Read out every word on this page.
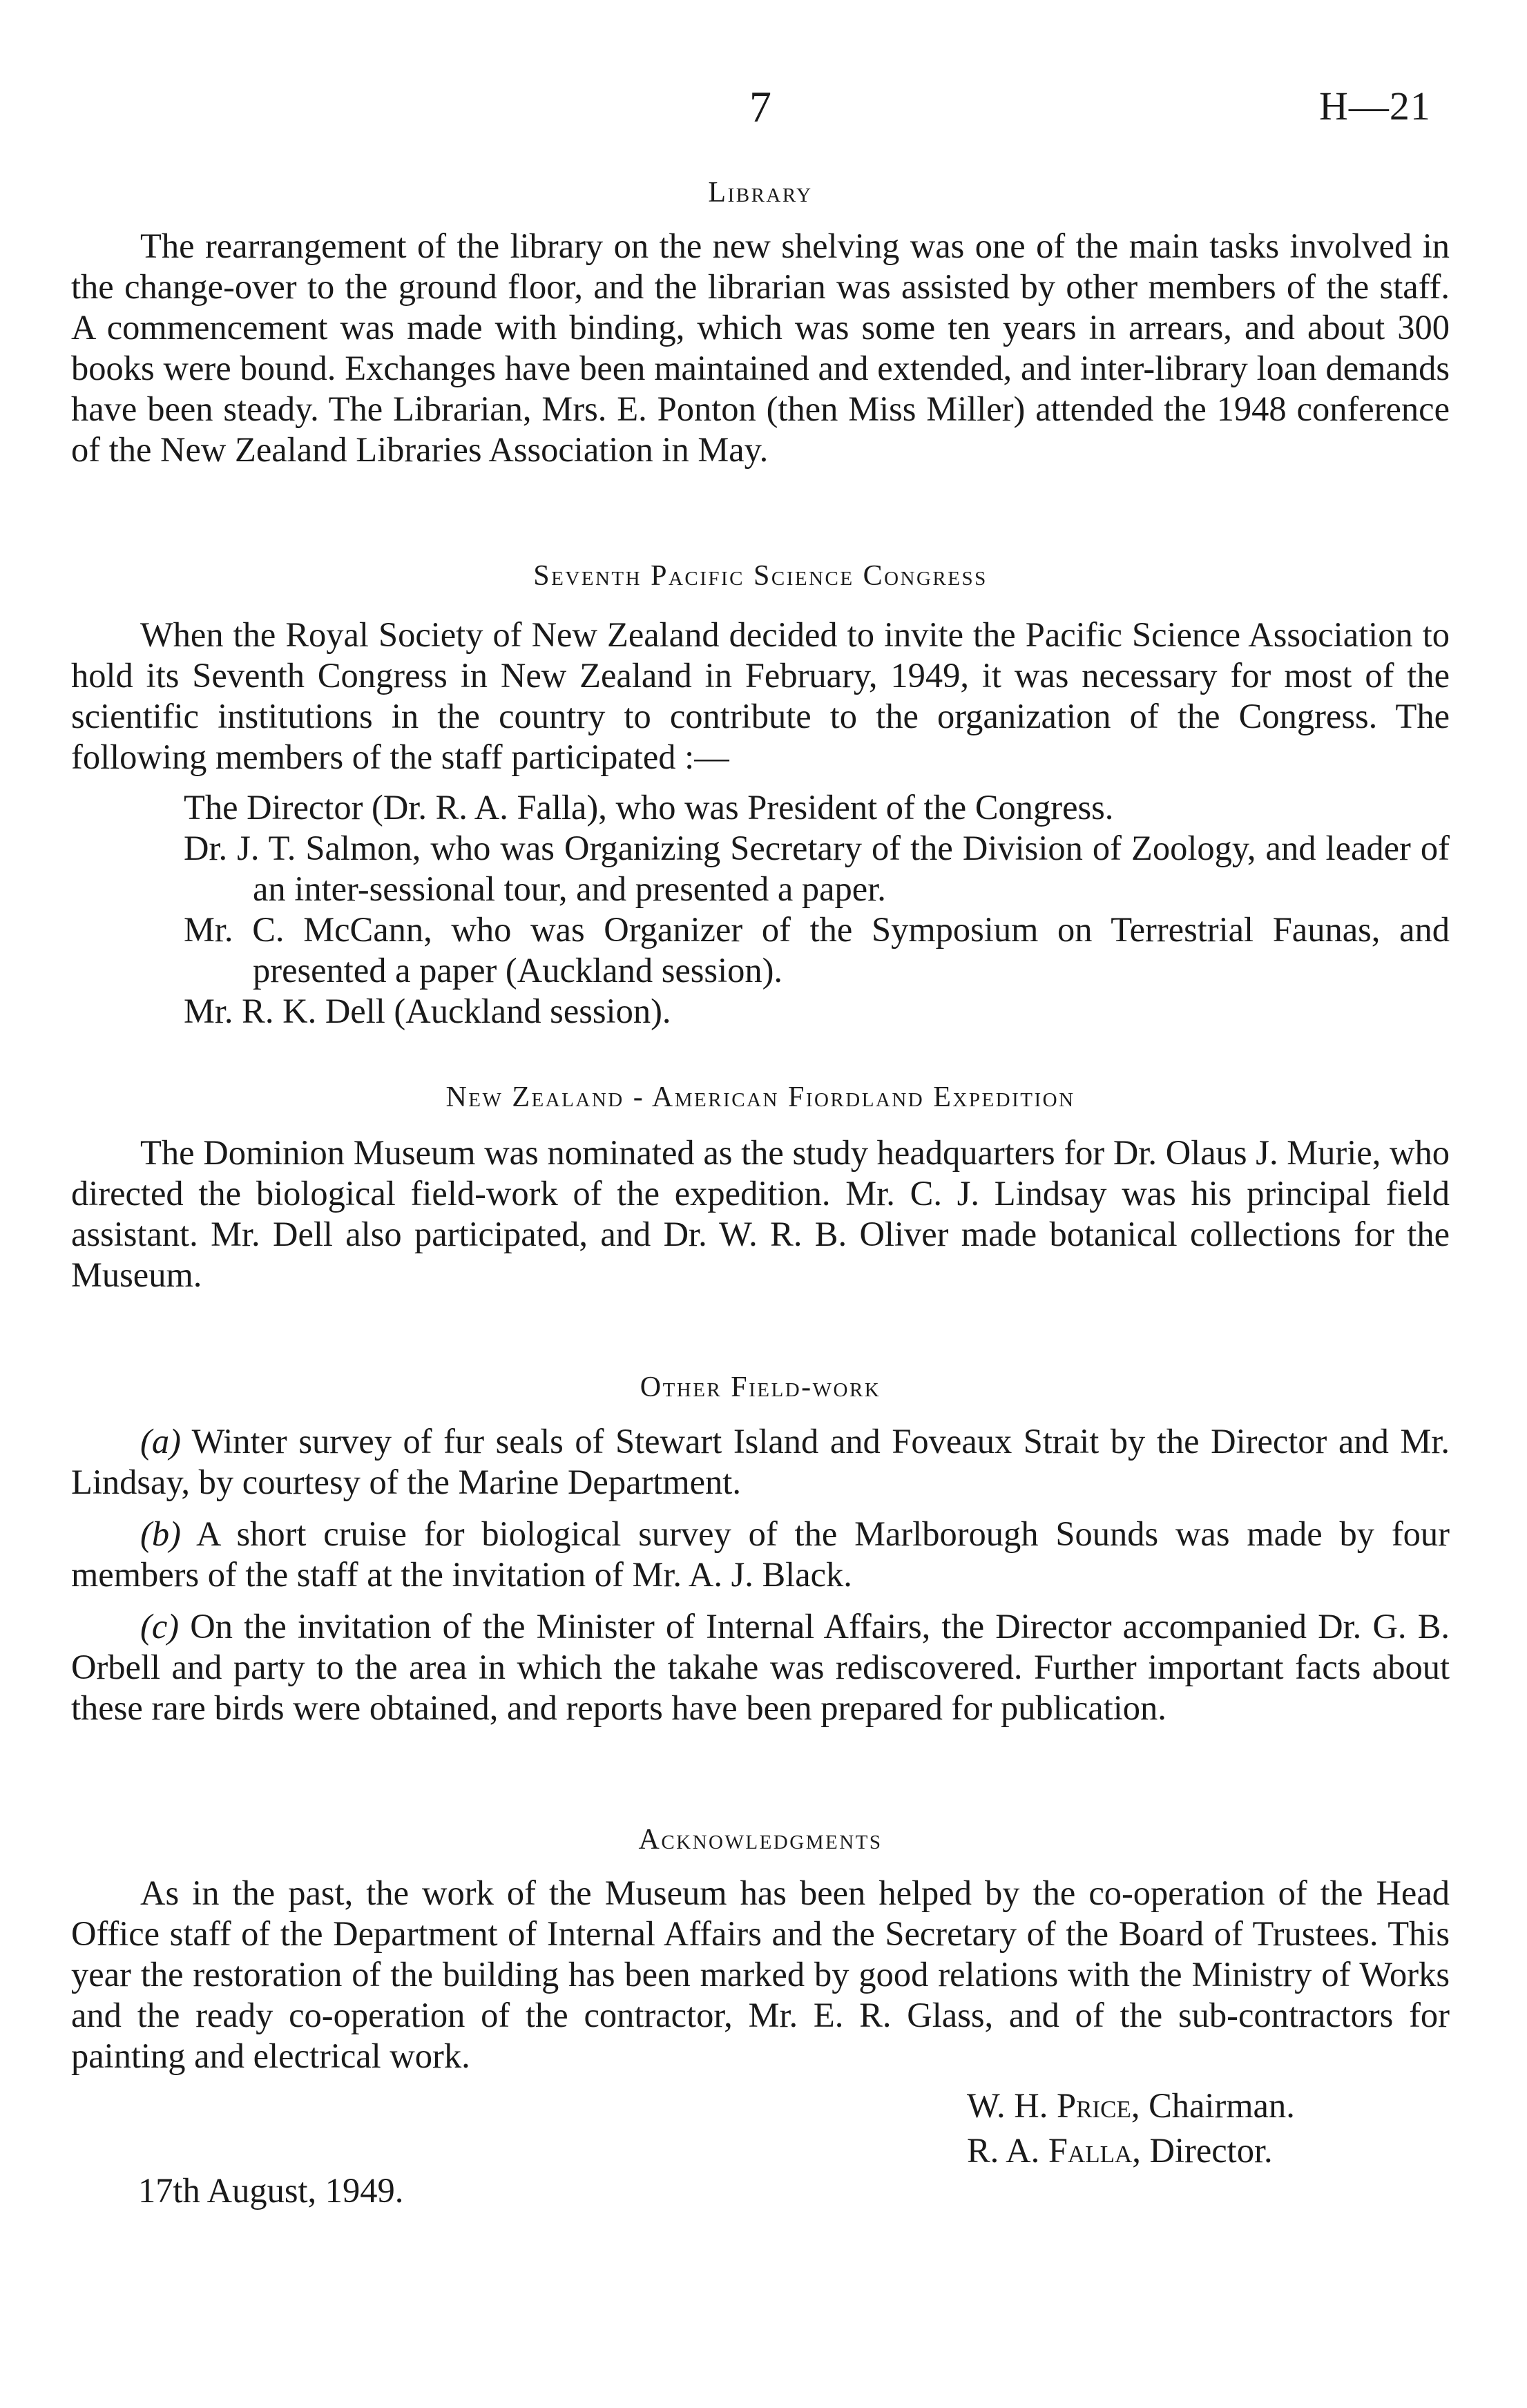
7	H—21
Library

The rearrangement of the library on the new shelving was one of the main tasks involved in the change-over to the ground floor, and the librarian was assisted by other members of the staff. A commencement was made with binding, which was some ten years in arrears, and about 300 books were bound. Exchanges have been maintained and extended, and inter-library loan demands have been steady. The Librarian, Mrs. E. Ponton (then Miss Miller) attended the 1948 conference of the New Zealand Libraries Association in May.

Seventh Pacific Science Congress

When the Royal Society of New Zealand decided to invite the Pacific Science Association to hold its Seventh Congress in New Zealand in February, 1949, it was necessary for most of the scientific institutions in the country to contribute to the organization of the Congress. The following members of the staff participated :—

The Director (Dr. R. A. Falla), who was President of the Congress.
Dr. J. T. Salmon, who was Organizing Secretary of the Division of Zoology, and leader of an inter-sessional tour, and presented a paper.
Mr. C. McCann, who was Organizer of the Symposium on Terrestrial Faunas, and presented a paper (Auckland session).
Mr. R. K. Dell (Auckland session).
New Zealand - American Fiordland Expedition

The Dominion Museum was nominated as the study headquarters for Dr. Olaus J. Murie, who directed the biological field-work of the expedition. Mr. C. J. Lindsay was his principal field assistant. Mr. Dell also participated, and Dr. W. R. B. Oliver made botanical collections for the Museum.

Other Field-work

(a) Winter survey of fur seals of Stewart Island and Foveaux Strait by the Director and Mr. Lindsay, by courtesy of the Marine Department.

(b) A short cruise for biological survey of the Marlborough Sounds was made by four members of the staff at the invitation of Mr. A. J. Black.

(c) On the invitation of the Minister of Internal Affairs, the Director accompanied Dr. G. B. Orbell and party to the area in which the takahe was rediscovered. Further important facts about these rare birds were obtained, and reports have been prepared for publication.

Acknowledgments

As in the past, the work of the Museum has been helped by the co-operation of the Head Office staff of the Department of Internal Affairs and the Secretary of the Board of Trustees. This year the restoration of the building has been marked by good relations with the Ministry of Works and the ready co-operation of the contractor, Mr. E. R. Glass, and of the sub-contractors for painting and electrical work.

W. H. Price, Chairman.
R. A. Falla, Director.
17th August, 1949.
